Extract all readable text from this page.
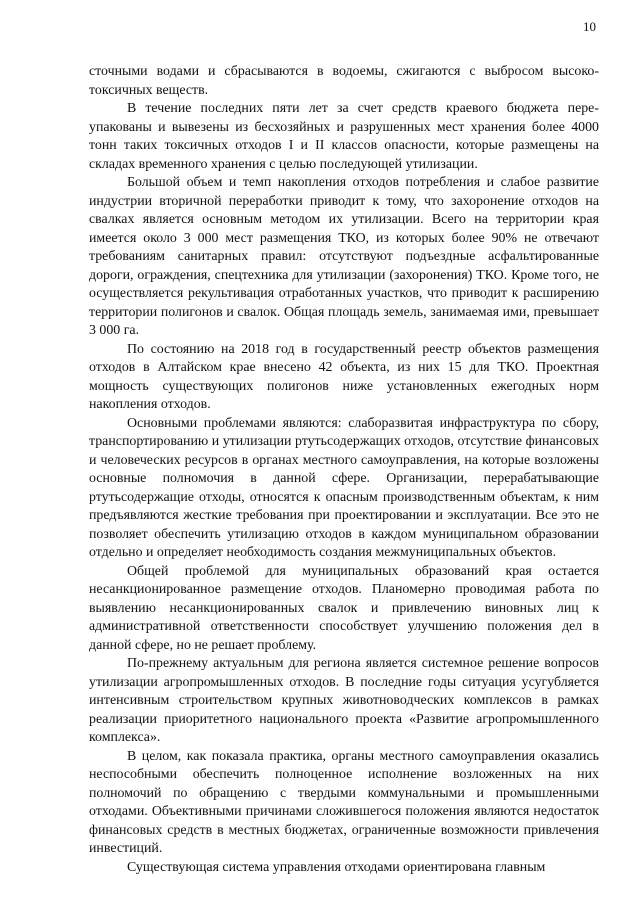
10

сточными водами и сбрасываются в водоемы, сжигаются с выбросом высокотоксичных веществ.

В течение последних пяти лет за счет средств краевого бюджета переупакованы и вывезены из бесхозяйных и разрушенных мест хранения более 4000 тонн таких токсичных отходов I и II классов опасности, которые размещены на складах временного хранения с целью последующей утилизации.

Большой объем и темп накопления отходов потребления и слабое развитие индустрии вторичной переработки приводит к тому, что захоронение отходов на свалках является основным методом их утилизации. Всего на территории края имеется около 3 000 мест размещения ТКО, из которых более 90% не отвечают требованиям санитарных правил: отсутствуют подъездные асфальтированные дороги, ограждения, спецтехника для утилизации (захоронения) ТКО. Кроме того, не осуществляется рекультивация отработанных участков, что приводит к расширению территории полигонов и свалок. Общая площадь земель, занимаемая ими, превышает 3 000 га.

По состоянию на 2018 год в государственный реестр объектов размещения отходов в Алтайском крае внесено 42 объекта, из них 15 для ТКО. Проектная мощность существующих полигонов ниже установленных ежегодных норм накопления отходов.

Основными проблемами являются: слаборазвитая инфраструктура по сбору, транспортированию и утилизации ртутьсодержащих отходов, отсутствие финансовых и человеческих ресурсов в органах местного самоуправления, на которые возложены основные полномочия в данной сфере. Организации, перерабатывающие ртутьсодержащие отходы, относятся к опасным производственным объектам, к ним предъявляются жесткие требования при проектировании и эксплуатации. Все это не позволяет обеспечить утилизацию отходов в каждом муниципальном образовании отдельно и определяет необходимость создания межмуниципальных объектов.

Общей проблемой для муниципальных образований края остается несанкционированное размещение отходов. Планомерно проводимая работа по выявлению несанкционированных свалок и привлечению виновных лиц к административной ответственности способствует улучшению положения дел в данной сфере, но не решает проблему.

По-прежнему актуальным для региона является системное решение вопросов утилизации агропромышленных отходов. В последние годы ситуация усугубляется интенсивным строительством крупных животноводческих комплексов в рамках реализации приоритетного национального проекта «Развитие агропромышленного комплекса».

В целом, как показала практика, органы местного самоуправления оказались неспособными обеспечить полноценное исполнение возложенных на них полномочий по обращению с твердыми коммунальными и промышленными отходами. Объективными причинами сложившегося положения являются недостаток финансовых средств в местных бюджетах, ограниченные возможности привлечения инвестиций.

Существующая система управления отходами ориентирована главным
